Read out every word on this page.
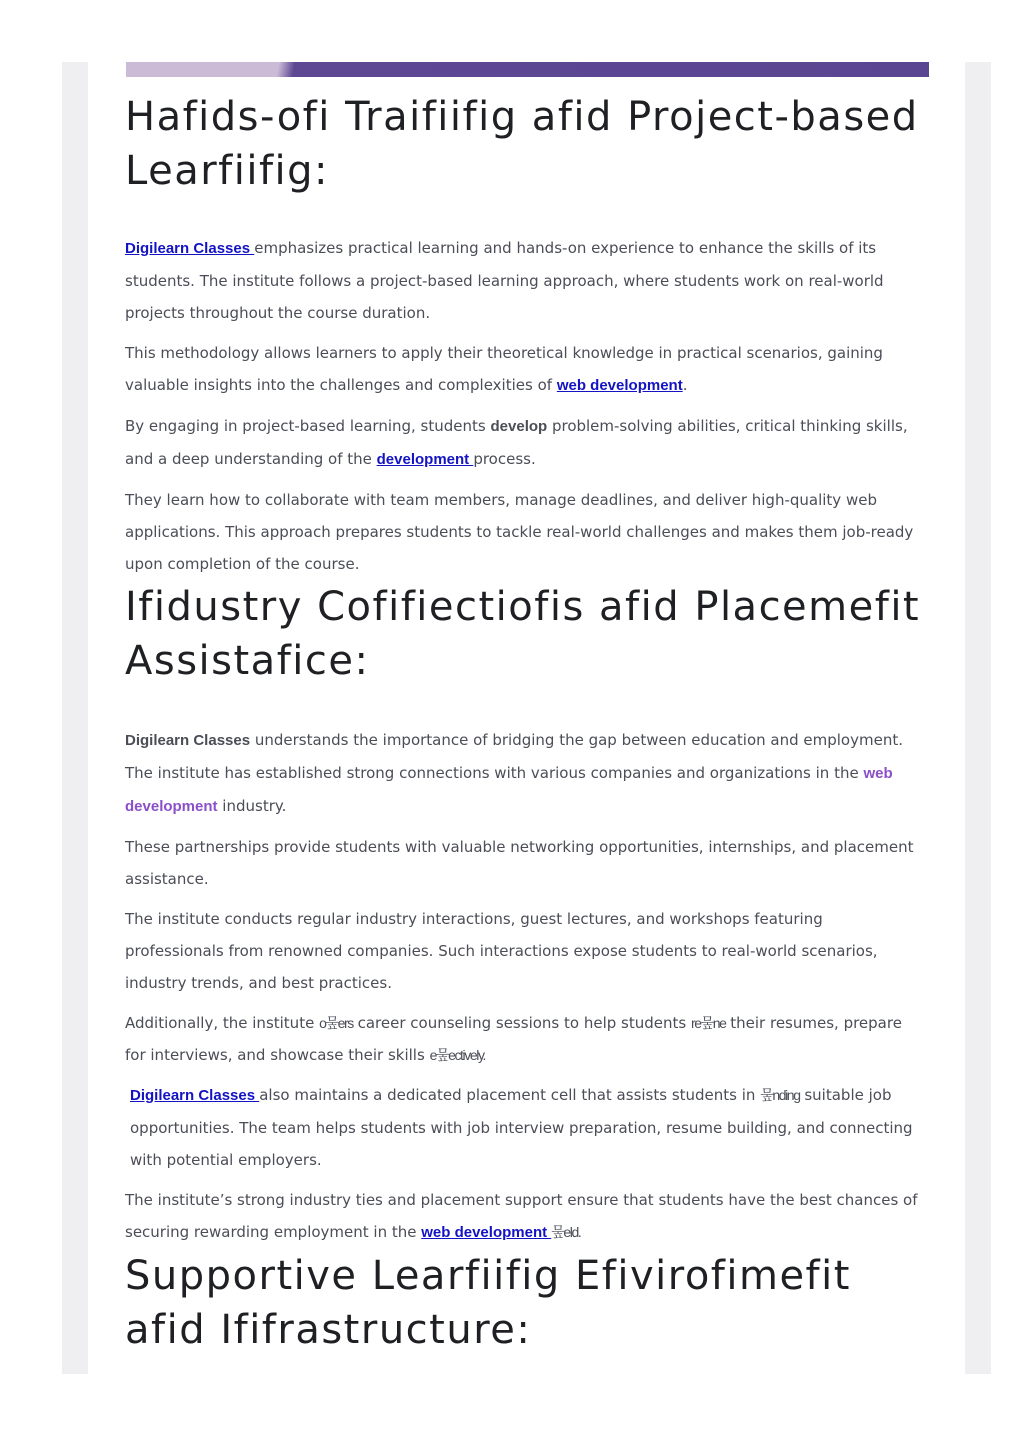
Hafids-ofi Traifiifig afid Project-based Learfiifig:

Digilearn Classes emphasizes practical learning and hands-on experience to enhance the skills of its students. The institute follows a project-based learning approach, where students work on real-world projects throughout the course duration.

This methodology allows learners to apply their theoretical knowledge in practical scenarios, gaining valuable insights into the challenges and complexities of web development.

By engaging in project-based learning, students develop problem-solving abilities, critical thinking skills, and a deep understanding of the development process.

They learn how to collaborate with team members, manage deadlines, and deliver high-quality web applications. This approach prepares students to tackle real-world challenges and makes them job-ready upon completion of the course.

Ifidustry Cofifiectiofis afid Placemefit Assistafice:

Digilearn Classes understands the importance of bridging the gap between education and employment. The institute has established strong connections with various companies and organizations in the web development industry.

These partnerships provide students with valuable networking opportunities, internships, and placement assistance.

The institute conducts regular industry interactions, guest lectures, and workshops featuring professionals from renowned companies. Such interactions expose students to real-world scenarios, industry trends, and best practices.

Additionally, the institute o뭎ers career counseling sessions to help students re뭎ne their resumes, prepare for interviews, and showcase their skills e뭎ectively.

Digilearn Classes also maintains a dedicated placement cell that assists students in 뭎nding suitable job opportunities. The team helps students with job interview preparation, resume building, and connecting with potential employers.

The institute’s strong industry ties and placement support ensure that students have the best chances of securing rewarding employment in the web development 뭎eld.

Supportive Learfiifig Efivirofimefit afid Ififrastructure:
